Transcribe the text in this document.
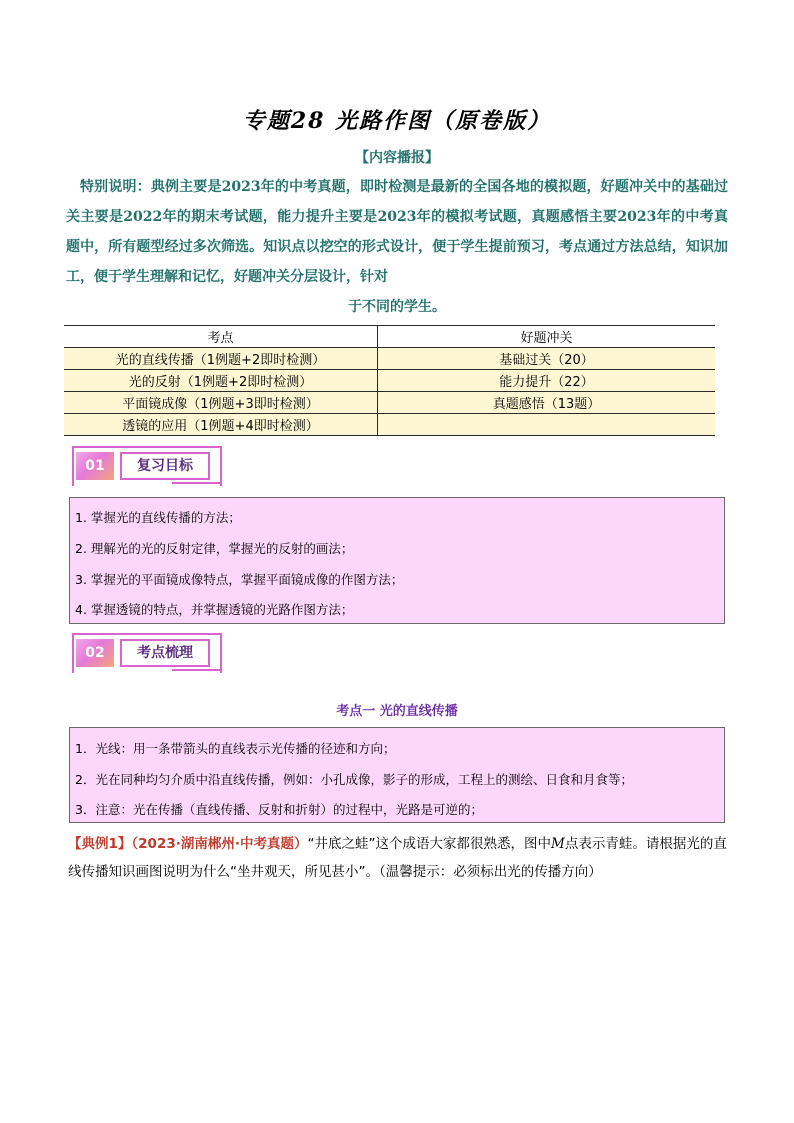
专题28 光路作图（原卷版）
【内容播报】
特别说明：典例主要是2023年的中考真题，即时检测是最新的全国各地的模拟题，好题冲关中的基础过关主要是2022年的期末考试题，能力提升主要是2023年的模拟考试题，真题感悟主要2023年的中考真题中，所有题型经过多次筛选。知识点以挖空的形式设计，便于学生提前预习，考点通过方法总结，知识加工，便于学生理解和记忆，好题冲关分层设计，针对
于不同的学生。
考点	好题冲关
光的直线传播（1例题+2即时检测）	基础过关（20）
光的反射（1例题+2即时检测）	能力提升（22）
平面镜成像（1例题+3即时检测）	真题感悟（13题）
透镜的应用（1例题+4即时检测）	
01	复习目标
1. 掌握光的直线传播的方法；
2. 理解光的光的反射定律，掌握光的反射的画法；
3. 掌握光的平面镜成像特点，掌握平面镜成像的作图方法；
4. 掌握透镜的特点，并掌握透镜的光路作图方法；
02	考点梳理
考点一 光的直线传播
1．光线：用一条带箭头的直线表示光传播的径迹和方向；
2．光在同种均匀介质中沿直线传播，例如：小孔成像，影子的形成，工程上的测绘、日食和月食等；
3．注意：光在传播（直线传播、反射和折射）的过程中，光路是可逆的；
【典例1】（2023·湖南郴州·中考真题）“井底之蛙”这个成语大家都很熟悉，图中M点表示青蛙。请根据光的直线传播知识画图说明为什么“坐井观天，所见甚小”。（温馨提示：必须标出光的传播方向）
